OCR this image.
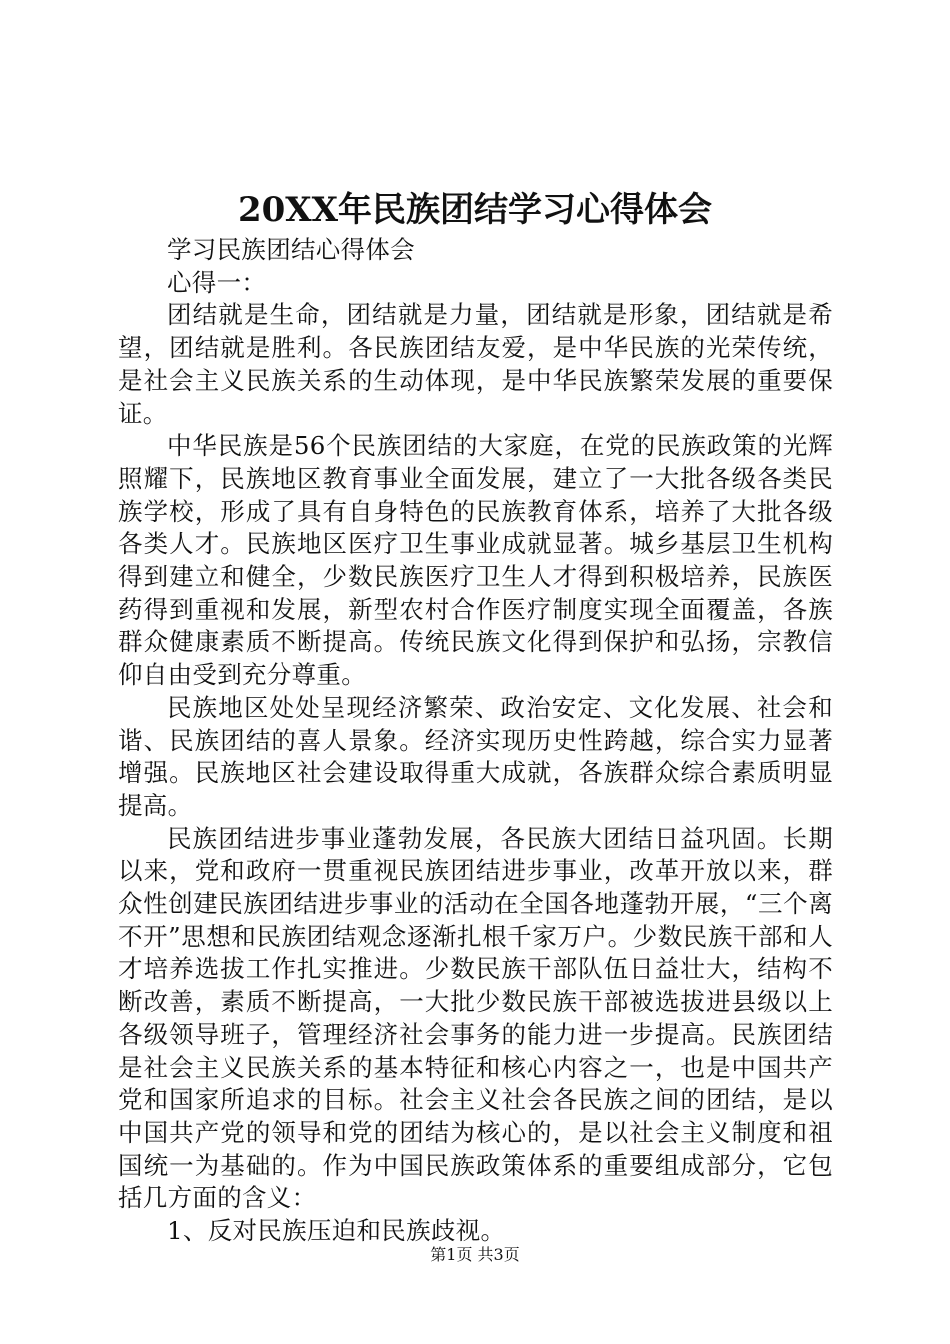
20XX年民族团结学习心得体会

学习民族团结心得体会

心得一：

团结就是生命，团结就是力量，团结就是形象，团结就是希望，团结就是胜利。各民族团结友爱，是中华民族的光荣传统，是社会主义民族关系的生动体现，是中华民族繁荣发展的重要保证。

中华民族是56个民族团结的大家庭，在党的民族政策的光辉照耀下，民族地区教育事业全面发展，建立了一大批各级各类民族学校，形成了具有自身特色的民族教育体系，培养了大批各级各类人才。民族地区医疗卫生事业成就显著。城乡基层卫生机构得到建立和健全，少数民族医疗卫生人才得到积极培养，民族医药得到重视和发展，新型农村合作医疗制度实现全面覆盖，各族群众健康素质不断提高。传统民族文化得到保护和弘扬，宗教信仰自由受到充分尊重。

民族地区处处呈现经济繁荣、政治安定、文化发展、社会和谐、民族团结的喜人景象。经济实现历史性跨越，综合实力显著增强。民族地区社会建设取得重大成就，各族群众综合素质明显提高。

民族团结进步事业蓬勃发展，各民族大团结日益巩固。长期以来，党和政府一贯重视民族团结进步事业，改革开放以来，群众性创建民族团结进步事业的活动在全国各地蓬勃开展，“三个离不开”思想和民族团结观念逐渐扎根千家万户。少数民族干部和人才培养选拔工作扎实推进。少数民族干部队伍日益壮大，结构不断改善，素质不断提高，一大批少数民族干部被选拔进县级以上各级领导班子，管理经济社会事务的能力进一步提高。民族团结是社会主义民族关系的基本特征和核心内容之一，也是中国共产党和国家所追求的目标。社会主义社会各民族之间的团结，是以中国共产党的领导和党的团结为核心的，是以社会主义制度和祖国统一为基础的。作为中国民族政策体系的重要组成部分，它包括几方面的含义：

1、反对民族压迫和民族歧视。

第1页 共3页
